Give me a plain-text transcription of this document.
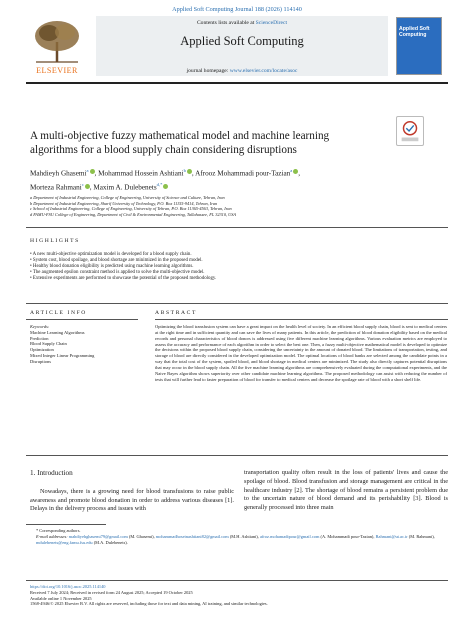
Applied Soft Computing Journal 188 (2026) 114140
ELSEVIER
Contents lists available at ScienceDirect
Applied Soft Computing
journal homepage: www.elsevier.com/locate/asoc
Applied Soft Computing
A multi-objective fuzzy mathematical model and machine learning algorithms for a blood supply chain considering disruptions
Mahdieyh Ghasemi$^a$ , Mohammad Hossein Ashtiani$^b$ , Afrooz Mohammadi pour-Tazian$^a$ ,
Morteza Rahmani$^c$ , Maxim A. Dulebenets$^{d,*}$
a Department of Industrial Engineering, College of Engineering, University of Science and Culture, Tehran, Iran
b Department of Industrial Engineering, Sharif University of Technology, P.O. Box 11155-9414, Tehran, Iran
c School of Industrial Engineering, College of Engineering, University of Tehran, P.O. Box 11365-4563, Tehran, Iran
d FAMU-FSU College of Engineering, Department of Civil & Environmental Engineering, Tallahassee, FL 32310, USA
HIGHLIGHTS
• A new multi-objective optimization model is developed for a blood supply chain.
• System cost, blood spoilage, and blood shortage are minimized in the proposed model.
• Healthy blood donation eligibility is predicted using machine learning algorithms.
• The augmented epsilon constraint method is applied to solve the multi-objective model.
• Extensive experiments are performed to showcase the potential of the proposed methodology.
ARTICLE INFO	ABSTRACT
Keywords:
Machine Learning Algorithms
Prediction
Blood Supply Chain
Optimization
Mixed Integer Linear Programming
Disruptions
Optimizing the blood transfusion system can have a great impact on the health level of society. In an efficient blood supply chain, blood is sent to medical centers at the right time and in sufficient quantity and can save the lives of many patients. In this article, the prediction of blood donation eligibility based on the medical records and personal characteristics of blood donors is addressed using five different machine learning algorithms. Various evaluation metrics are employed to assess the accuracy and performance of each algorithm in order to select the best one. Then, a fuzzy multi-objective mathematical model is developed to optimize the decisions within the proposed blood supply chain, considering the uncertainty in the amount of donated blood. The limitations of transportation, testing, and storage of blood are directly considered in the developed optimization model. The optimal locations of blood banks are selected among the candidate points in a way that the total cost of the system, spoiled blood, and blood shortage in medical centers are minimized. The study also directly captures potential disruptions that may occur in the blood supply chain. All the five machine learning algorithms are comprehensively evaluated during the computational experiments, and the Naive Bayes algorithm shows superiority over other candidate machine learning algorithms. The proposed methodology can assist with reducing the number of tests that will further lead to faster preparation of blood for transfer to medical centers and decrease the spoilage rate of blood with a short shelf life.
1. Introduction

Nowadays, there is a growing need for blood transfusions to raise public awareness and promote blood donation in order to address various diseases [1]. Delays in the delivery process and issues with

transportation quality often result in the loss of patients' lives and cause the spoilage of blood. Blood transfusion and storage management are critical in the healthcare industry [2]. The shortage of blood remains a persistent problem due to the uncertain nature of blood demand and its perishability [3]. Blood is generally processed into three main

* Corresponding authors.
E-mail addresses: mahdiyehghasemi79@gmail.com (M. Ghasemi), mohammadhoseinashtiani82@gmail.com (M.H. Ashtiani), afroz.mohamadipour@gmail.com (A. Mohammadi pour-Tazian), Rahmani@ut.ac.ir (M. Rahmani), mdulebenets@eng.famu.fsu.edu (M.A. Dulebenets).
https://doi.org/10.1016/j.asoc.2025.114140
Received 7 July 2024; Received in revised form 24 August 2025; Accepted 19 October 2025
Available online 1 November 2025
1568-4946/© 2025 Elsevier B.V. All rights are reserved, including those for text and data mining, AI training, and similar technologies.
